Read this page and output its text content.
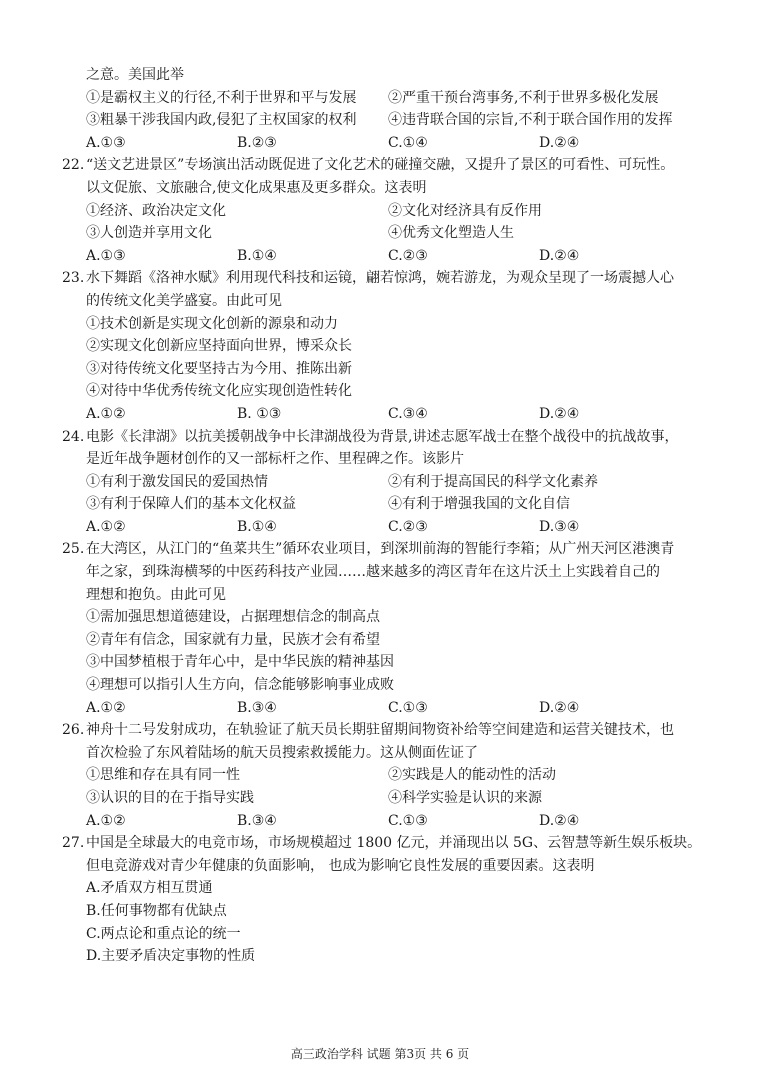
之意。美国此举
①是霸权主义的行径,不利于世界和平与发展	②严重干预台湾事务,不利于世界多极化发展
③粗暴干涉我国内政,侵犯了主权国家的权利	④违背联合国的宗旨,不利于联合国作用的发挥
A.①③	B.②③	C.①④	D.②④
22. “送文艺进景区”专场演出活动既促进了文化艺术的碰撞交融，又提升了景区的可看性、可玩性。
以文促旅、文旅融合,使文化成果惠及更多群众。这表明
①经济、政治决定文化	②文化对经济具有反作用
③人创造并享用文化	④优秀文化塑造人生
A.①③	B.①④	C.②③	D.②④
23. 水下舞蹈《洛神水赋》利用现代科技和运镜，翩若惊鸿，婉若游龙，为观众呈现了一场震撼人心
的传统文化美学盛宴。由此可见
①技术创新是实现文化创新的源泉和动力
②实现文化创新应坚持面向世界，博采众长
③对待传统文化要坚持古为今用、推陈出新
④对待中华优秀传统文化应实现创造性转化
A.①②	B. ①③	C.③④	D.②④
24. 电影《长津湖》以抗美援朝战争中长津湖战役为背景,讲述志愿军战士在整个战役中的抗战故事，
是近年战争题材创作的又一部标杆之作、里程碑之作。该影片
①有利于激发国民的爱国热情	②有利于提高国民的科学文化素养
③有利于保障人们的基本文化权益	④有利于增强我国的文化自信
A.①②	B.①④	C.②③	D.③④
25. 在大湾区，从江门的“鱼菜共生”循环农业项目，到深圳前海的智能行李箱；从广州天河区港澳青
年之家，到珠海横琴的中医药科技产业园……越来越多的湾区青年在这片沃土上实践着自己的
理想和抱负。由此可见
①需加强思想道德建设，占据理想信念的制高点
②青年有信念，国家就有力量，民族才会有希望
③中国梦植根于青年心中，是中华民族的精神基因
④理想可以指引人生方向，信念能够影响事业成败
A.①②	B.③④	C.①③	D.②④
26. 神舟十二号发射成功，在轨验证了航天员长期驻留期间物资补给等空间建造和运营关键技术，也
首次检验了东风着陆场的航天员搜索救援能力。这从侧面佐证了
①思维和存在具有同一性	②实践是人的能动性的活动
③认识的目的在于指导实践	④科学实验是认识的来源
A.①②	B.③④	C.①③	D.②④
27. 中国是全球最大的电竞市场，市场规模超过 1800 亿元，并涌现出以 5G、云智慧等新生娱乐板块。
但电竞游戏对青少年健康的负面影响， 也成为影响它良性发展的重要因素。这表明
A.矛盾双方相互贯通
B.任何事物都有优缺点
C.两点论和重点论的统一
D.主要矛盾决定事物的性质
高三政治学科 试题 第3页 共 6 页
